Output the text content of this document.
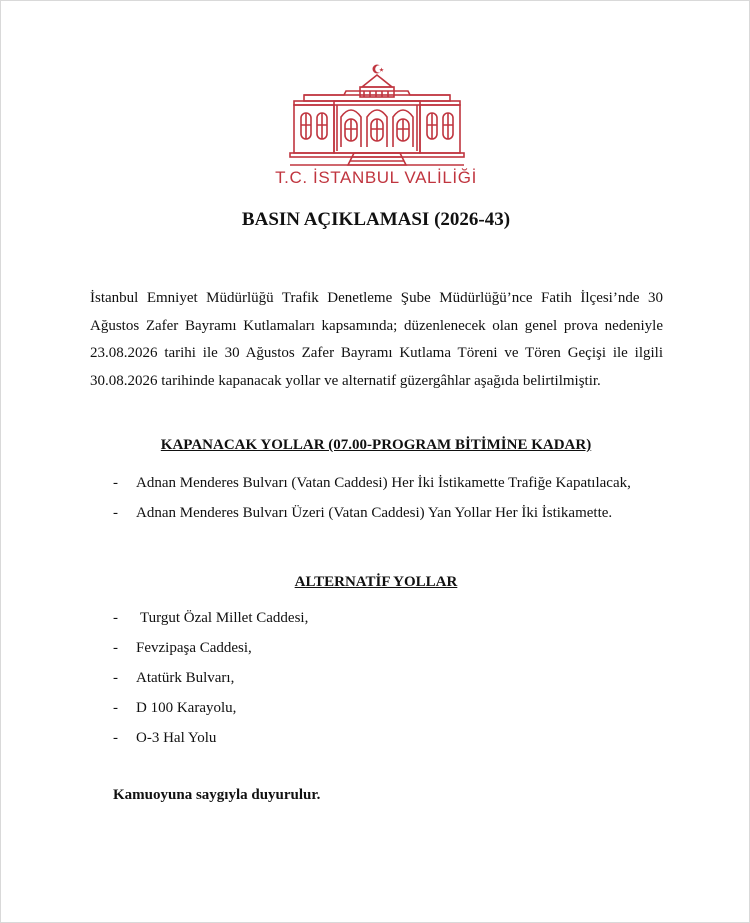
T.C. İSTANBUL VALİLİĞİ
BASIN AÇIKLAMASI (2026-43)

İstanbul Emniyet Müdürlüğü Trafik Denetleme Şube Müdürlüğü’nce Fatih İlçesi’nde 30 Ağustos Zafer Bayramı Kutlamaları kapsamında; düzenlenecek olan genel prova nedeniyle 23.08.2026 tarihi ile 30 Ağustos Zafer Bayramı Kutlama Töreni ve Tören Geçişi ile ilgili 30.08.2026 tarihinde kapanacak yollar ve alternatif güzergâhlar aşağıda belirtilmiştir.

KAPANACAK YOLLAR (07.00-PROGRAM BİTİMİNE KADAR)
- Adnan Menderes Bulvarı (Vatan Caddesi) Her İki İstikamette Trafiğe Kapatılacak,
- Adnan Menderes Bulvarı Üzeri (Vatan Caddesi) Yan Yollar Her İki İstikamette.
ALTERNATİF YOLLAR
- Turgut Özal Millet Caddesi,
- Fevzipaşa Caddesi,
- Atatürk Bulvarı,
- D 100 Karayolu,
- O-3 Hal Yolu
Kamuoyuna saygıyla duyurulur.
